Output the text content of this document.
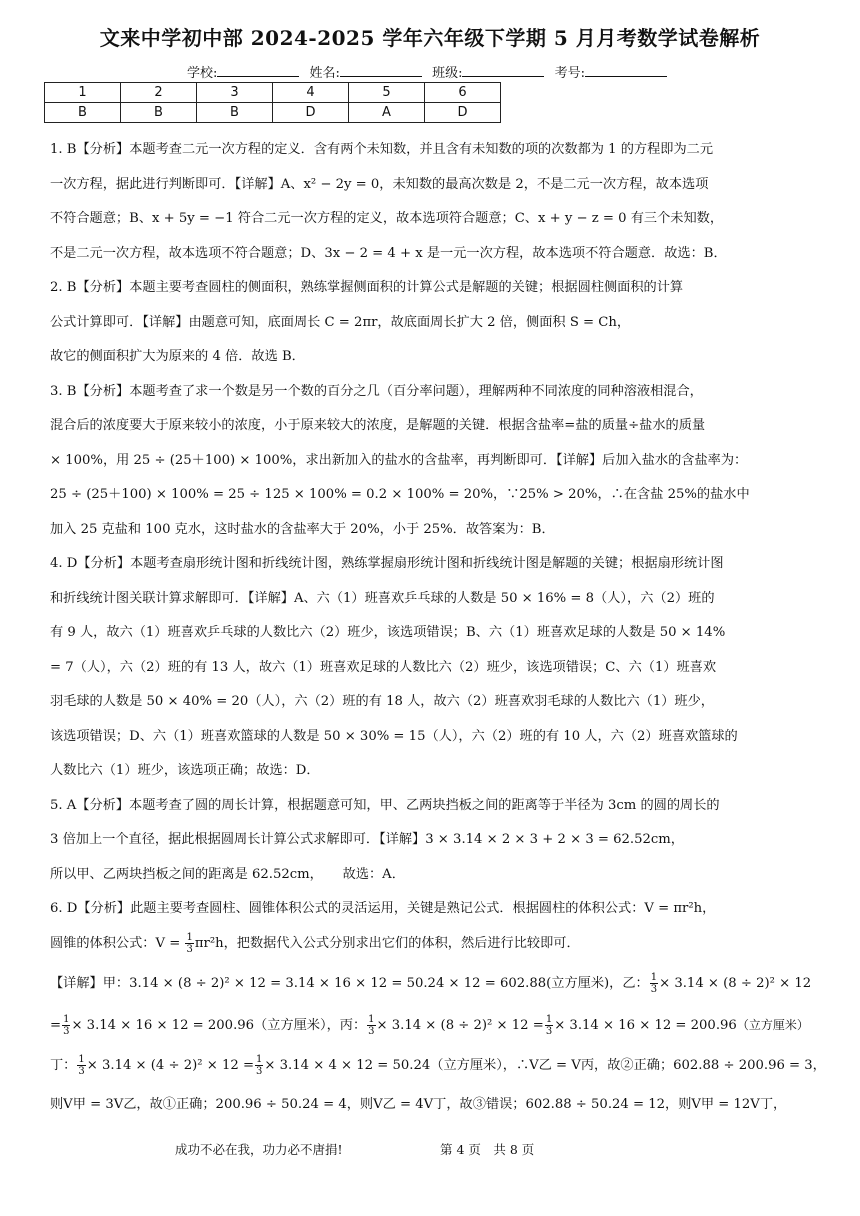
文来中学初中部 2024-2025 学年六年级下学期 5 月月考数学试卷解析
学校:	姓名:	班级:	考号:
1	2	3	4	5	6
B	B	B	D	A	D

1. B【分析】本题考查二元一次方程的定义．含有两个未知数，并且含有未知数的项的次数都为 1 的方程即为二元

一次方程，据此进行判断即可．【详解】A、x² − 2y = 0，未知数的最高次数是 2，不是二元一次方程，故本选项

不符合题意；B、x + 5y = −1 符合二元一次方程的定义，故本选项符合题意；C、x + y − z = 0 有三个未知数，

不是二元一次方程，故本选项不符合题意；D、3x − 2 = 4 + x 是一元一次方程，故本选项不符合题意．故选：B．

2. B【分析】本题主要考查圆柱的侧面积，熟练掌握侧面积的计算公式是解题的关键；根据圆柱侧面积的计算

公式计算即可．【详解】由题意可知，底面周长 C = 2πr，故底面周长扩大 2 倍，侧面积 S = Ch，

故它的侧面积扩大为原来的 4 倍．故选 B．

3. B【分析】本题考查了求一个数是另一个数的百分之几（百分率问题），理解两种不同浓度的同种溶液相混合，

混合后的浓度要大于原来较小的浓度，小于原来较大的浓度，是解题的关键．根据含盐率=盐的质量÷盐水的质量

× 100%，用 25 ÷ (25＋100) × 100%，求出新加入的盐水的含盐率，再判断即可．【详解】后加入盐水的含盐率为：

25 ÷ (25＋100) × 100% = 25 ÷ 125 × 100% = 0.2 × 100% = 20%，∵25% > 20%，∴在含盐 25%的盐水中

加入 25 克盐和 100 克水，这时盐水的含盐率大于 20%，小于 25%．故答案为：B．

4. D【分析】本题考查扇形统计图和折线统计图，熟练掌握扇形统计图和折线统计图是解题的关键；根据扇形统计图

和折线统计图关联计算求解即可．【详解】A、六（1）班喜欢乒乓球的人数是 50 × 16% = 8（人），六（2）班的

有 9 人，故六（1）班喜欢乒乓球的人数比六（2）班少，该选项错误；B、六（1）班喜欢足球的人数是 50 × 14%

= 7（人），六（2）班的有 13 人，故六（1）班喜欢足球的人数比六（2）班少，该选项错误；C、六（1）班喜欢

羽毛球的人数是 50 × 40% = 20（人），六（2）班的有 18 人，故六（2）班喜欢羽毛球的人数比六（1）班少，

该选项错误；D、六（1）班喜欢篮球的人数是 50 × 30% = 15（人），六（2）班的有 10 人，六（2）班喜欢篮球的

人数比六（1）班少，该选项正确；故选：D．

5. A【分析】本题考查了圆的周长计算，根据题意可知，甲、乙两块挡板之间的距离等于半径为 3cm 的圆的周长的

3 倍加上一个直径，据此根据圆周长计算公式求解即可．【详解】3 × 3.14 × 2 × 3 + 2 × 3 = 62.52cm，

所以甲、乙两块挡板之间的距离是 62.52cm，　　故选：A．

6. D【分析】此题主要考查圆柱、圆锥体积公式的灵活运用，关键是熟记公式．根据圆柱的体积公式：V = πr²h，

圆锥的体积公式：$V = \frac{1}{3} \pi r^2h$，把数据代入公式分别求出它们的体积，然后进行比较即可．

【详解】甲：3.14 × (8 ÷ 2)² × 12 = 3.14 × 16 × 12 = 50.24 × 12 = 602.88(立方厘米)，乙： $\frac{1}{3} \times 3.14 \times (8 \div 2)^2 \times 12$

= $\frac{1}{3} \times 3.14 \times 16 \times 12 = 200.96$（立方厘米），丙： $\frac{1}{3} \times 3.14 \times (8 \div 2)^2 \times 12 = \frac{1}{3} \times 3.14 \times 16 \times 12 = 200.96$（立方厘米）

丁： $\frac{1}{3} \times 3.14 \times (4 \div 2)^2 \times 12 = \frac{1}{3} \times 3.14 \times 4 \times 12 = 50.24$（立方厘米），∴V乙 = V丙，故②正确；602.88 ÷ 200.96 = 3，

则V甲 = 3V乙，故①正确；200.96 ÷ 50.24 = 4，则V乙 = 4V丁，故③错误；602.88 ÷ 50.24 = 12，则V甲 = 12V丁，

成功不必在我，功力必不唐捐!	第 4 页　共 8 页
